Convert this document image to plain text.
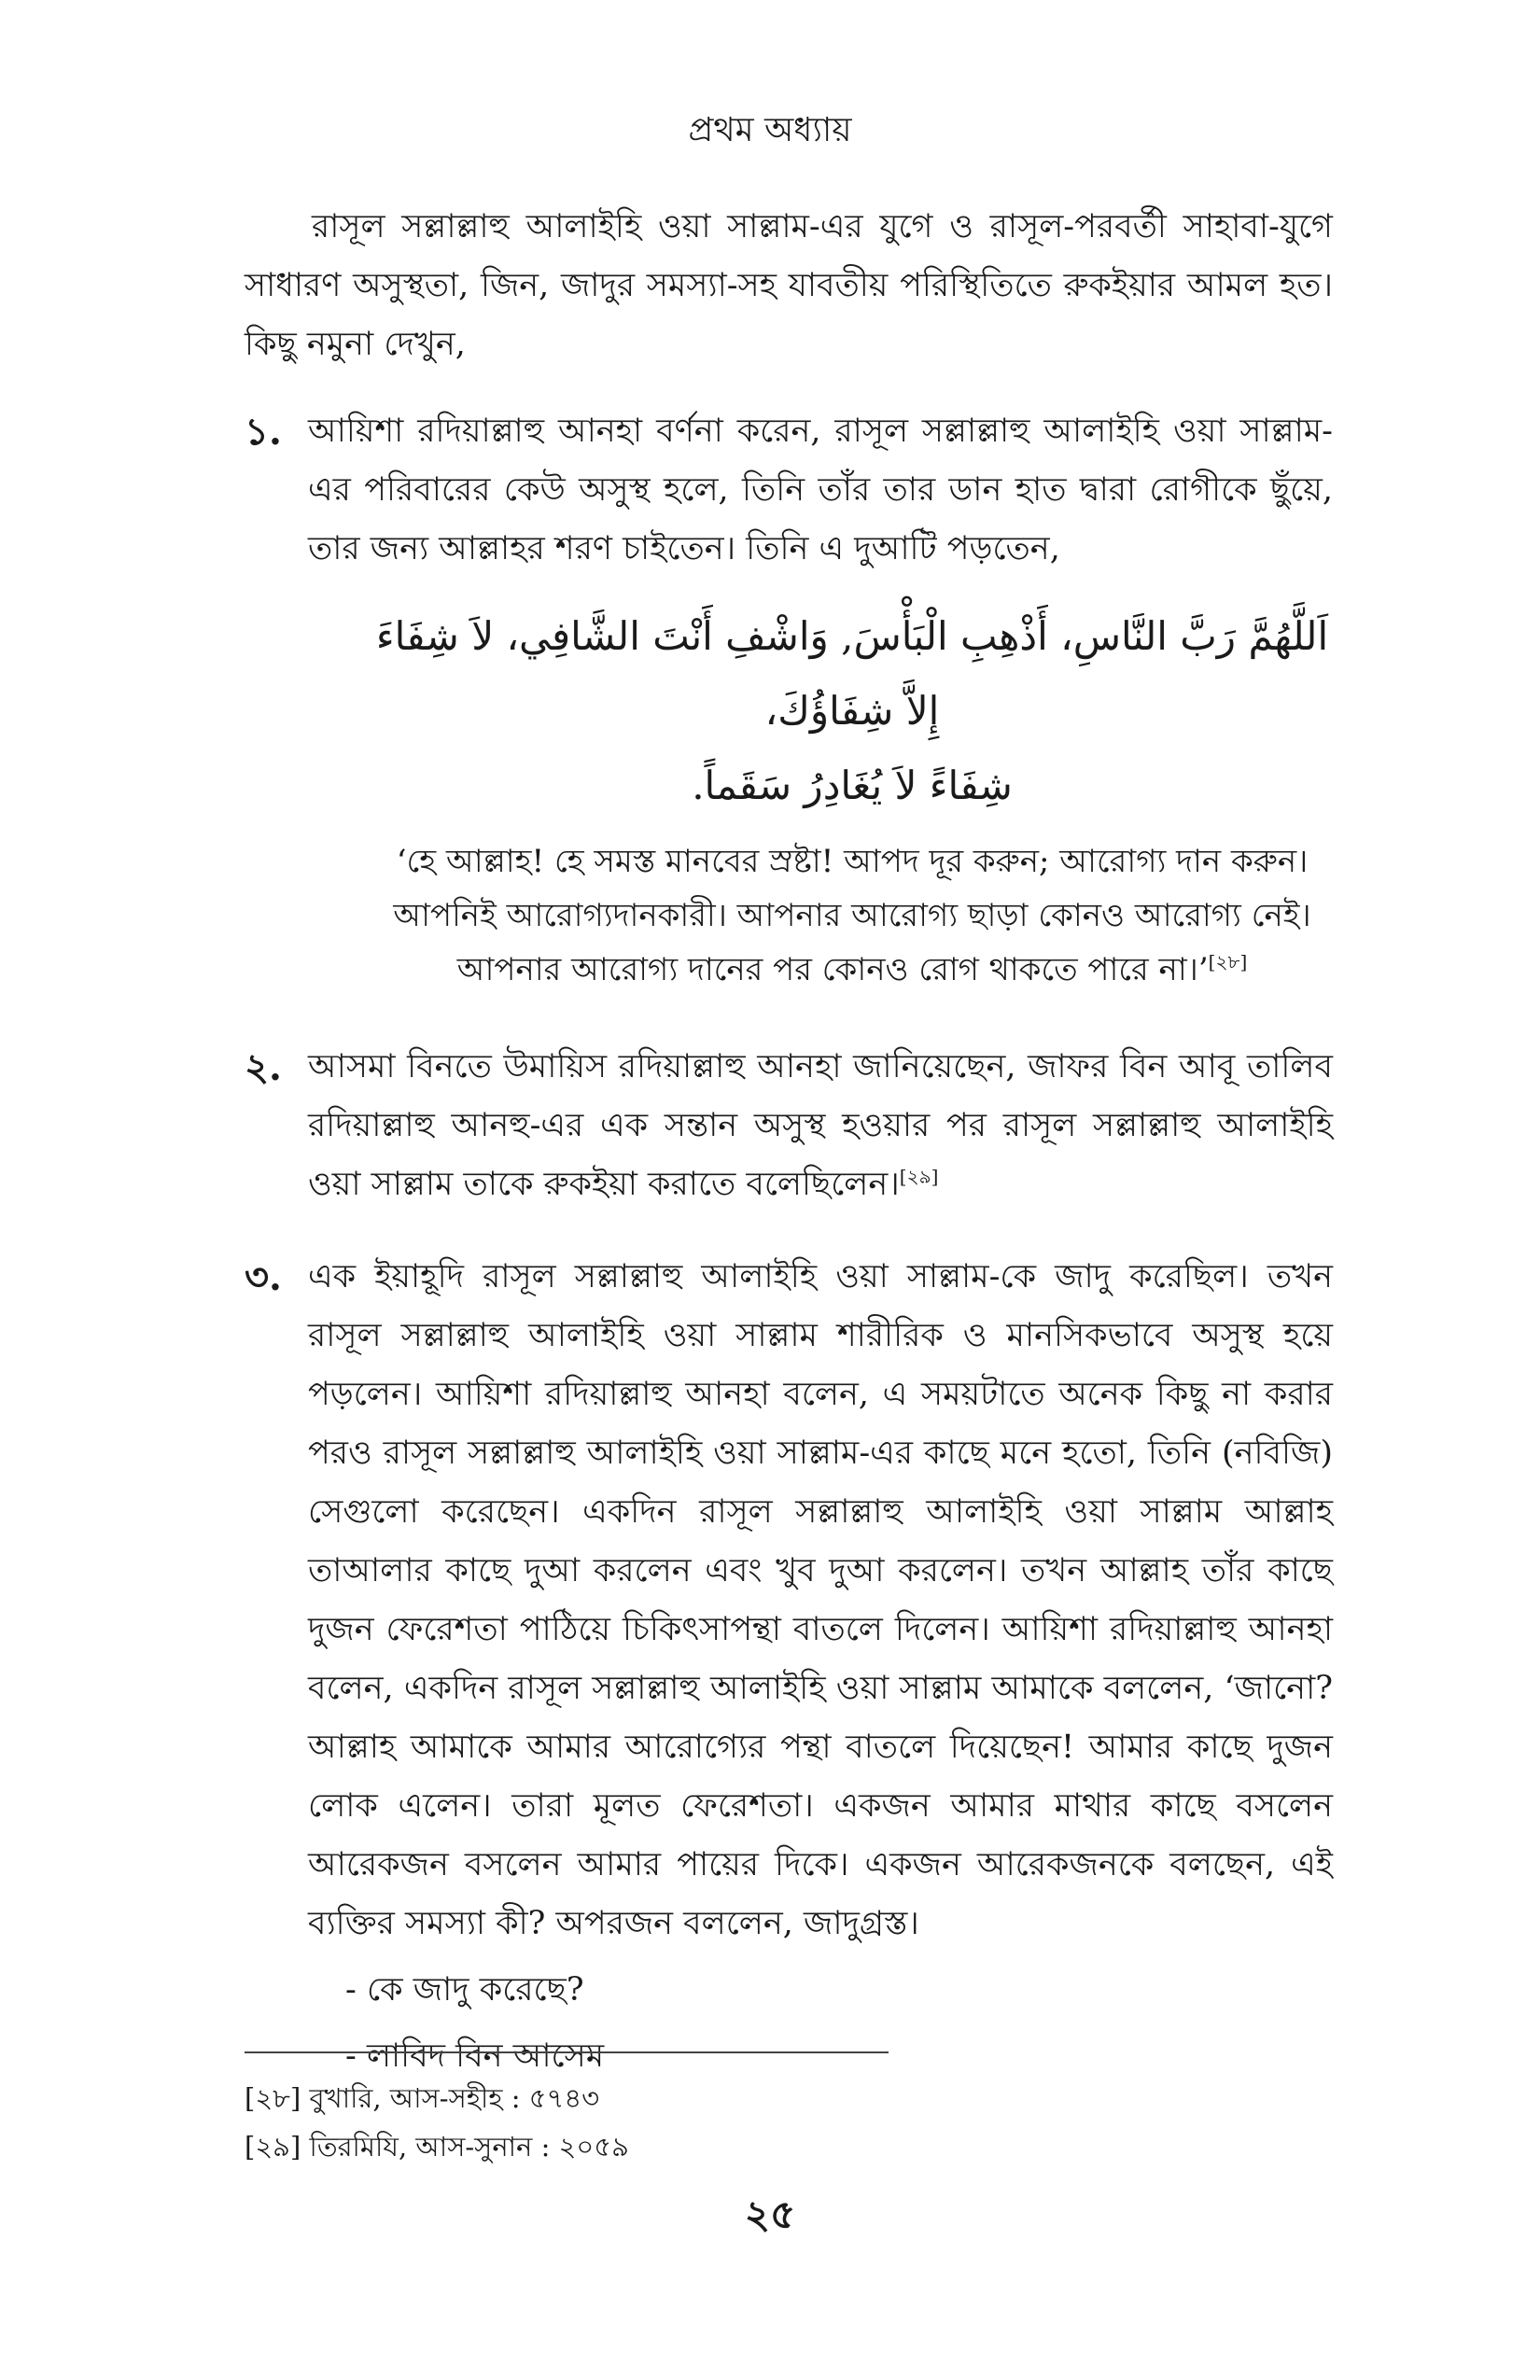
প্রথম অধ্যায়

রাসূল সল্লাল্লাহু আলাইহি ওয়া সাল্লাম-এর যুগে ও রাসূল-পরবর্তী সাহাবা-যুগে সাধারণ অসুস্থতা, জিন, জাদুর সমস্যা-সহ যাবতীয় পরিস্থিতিতে রুকইয়ার আমল হত। কিছু নমুনা দেখুন,

১. আয়িশা রদিয়াল্লাহু আনহা বর্ণনা করেন, রাসূল সল্লাল্লাহু আলাইহি ওয়া সাল্লাম-এর পরিবারের কেউ অসুস্থ হলে, তিনি তাঁর তার ডান হাত দ্বারা রোগীকে ছুঁয়ে, তার জন্য আল্লাহর শরণ চাইতেন। তিনি এ দুআটি পড়তেন,

اَللَّهُمَّ رَبَّ النَّاسِ، أَذْهِبِ الْبَأْسَ, وَاشْفِ أَنْتَ الشَّافِي، لاَ شِفَاءَ إِلاَّ شِفَاؤُكَ،
شِفَاءً لاَ يُغَادِرُ سَقَماً.
‘হে আল্লাহ! হে সমস্ত মানবের স্রষ্টা! আপদ দূর করুন; আরোগ্য দান করুন।
আপনিই আরোগ্যদানকারী। আপনার আরোগ্য ছাড়া কোনও আরোগ্য নেই।
আপনার আরোগ্য দানের পর কোনও রোগ থাকতে পারে না।’[২৮]
২. আসমা বিনতে উমায়িস রদিয়াল্লাহু আনহা জানিয়েছেন, জাফর বিন আবূ তালিব রদিয়াল্লাহু আনহু-এর এক সন্তান অসুস্থ হওয়ার পর রাসূল সল্লাল্লাহু আলাইহি ওয়া সাল্লাম তাকে রুকইয়া করাতে বলেছিলেন।[২৯]

৩. এক ইয়াহূদি রাসূল সল্লাল্লাহু আলাইহি ওয়া সাল্লাম-কে জাদু করেছিল। তখন রাসূল সল্লাল্লাহু আলাইহি ওয়া সাল্লাম শারীরিক ও মানসিকভাবে অসুস্থ হয়ে পড়লেন। আয়িশা রদিয়াল্লাহু আনহা বলেন, এ সময়টাতে অনেক কিছু না করার পরও রাসূল সল্লাল্লাহু আলাইহি ওয়া সাল্লাম-এর কাছে মনে হতো, তিনি (নবিজি) সেগুলো করেছেন। একদিন রাসূল সল্লাল্লাহু আলাইহি ওয়া সাল্লাম আল্লাহ তাআলার কাছে দুআ করলেন এবং খুব দুআ করলেন। তখন আল্লাহ তাঁর কাছে দুজন ফেরেশতা পাঠিয়ে চিকিৎসাপন্থা বাতলে দিলেন। আয়িশা রদিয়াল্লাহু আনহা বলেন, একদিন রাসূল সল্লাল্লাহু আলাইহি ওয়া সাল্লাম আমাকে বললেন, ‘জানো? আল্লাহ আমাকে আমার আরোগ্যের পন্থা বাতলে দিয়েছেন! আমার কাছে দুজন লোক এলেন। তারা মূলত ফেরেশতা। একজন আমার মাথার কাছে বসলেন আরেকজন বসলেন আমার পায়ের দিকে। একজন আরেকজনকে বলছেন, এই ব্যক্তির সমস্যা কী? অপরজন বললেন, জাদুগ্রস্ত।

- কে জাদু করেছে?
- লাবিদ বিন আসেম
[২৮] বুখারি, আস-সহীহ : ৫৭৪৩
[২৯] তিরমিযি, আস-সুনান : ২০৫৯
২৫
